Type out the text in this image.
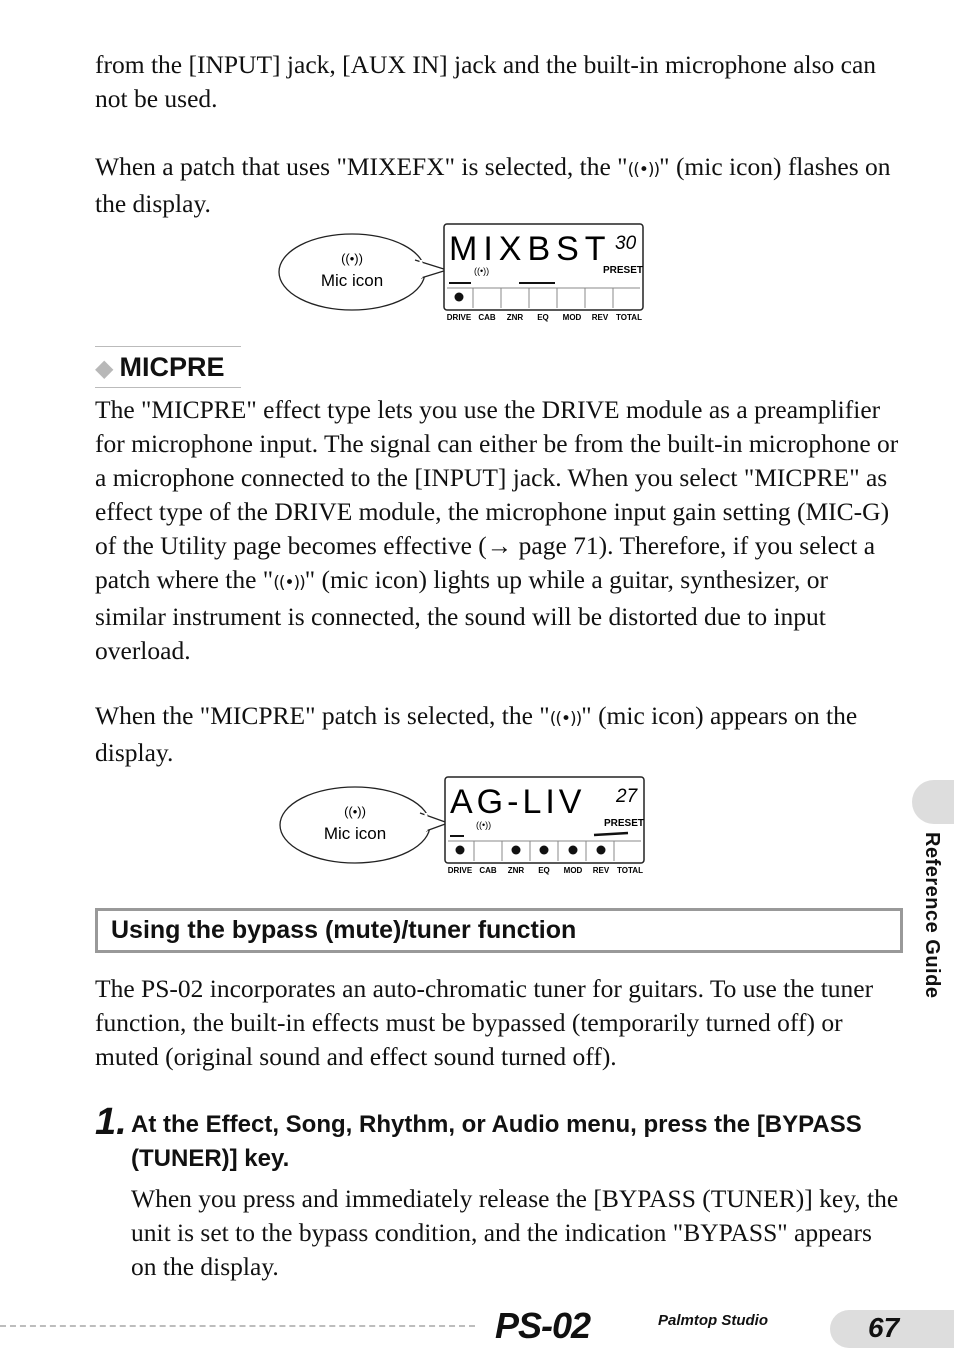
from the [INPUT] jack, [AUX IN] jack and the built-in microphone also can not be used.

When a patch that uses "MIXEFX" is selected, the "((•))" (mic icon) flashes on the display.

((•))
Mic icon
MIXBST 30
PRESET
((•))
DRIVE CAB ZNR EQ MOD REV TOTAL
◆ MICPRE

The "MICPRE" effect type lets you use the DRIVE module as a preamplifier for microphone input. The signal can either be from the built-in microphone or a microphone connected to the [INPUT] jack. When you select "MICPRE" as effect type of the DRIVE module, the microphone input gain setting (MIC-G) of the Utility page becomes effective (→ page 71). Therefore, if you select a patch where the "((•))" (mic icon) lights up while a guitar, synthesizer, or similar instrument is connected, the sound will be distorted due to input overload.

When the "MICPRE" patch is selected, the "((•))" (mic icon) appears on the display.

((•))
Mic icon
AG-LIV 27
PRESET
((•))
DRIVE CAB ZNR EQ MOD REV TOTAL
Using the bypass (mute)/tuner function

The PS-02 incorporates an auto-chromatic tuner for guitars. To use the tuner function, the built-in effects must be bypassed (temporarily turned off) or muted (original sound and effect sound turned off).

1. At the Effect, Song, Rhythm, or Audio menu, press the [BYPASS (TUNER)] key.

When you press and immediately release the [BYPASS (TUNER)] key, the unit is set to the bypass condition, and the indication "BYPASS" appears on the display.

Reference Guide
PS-02	Palmtop Studio	67
